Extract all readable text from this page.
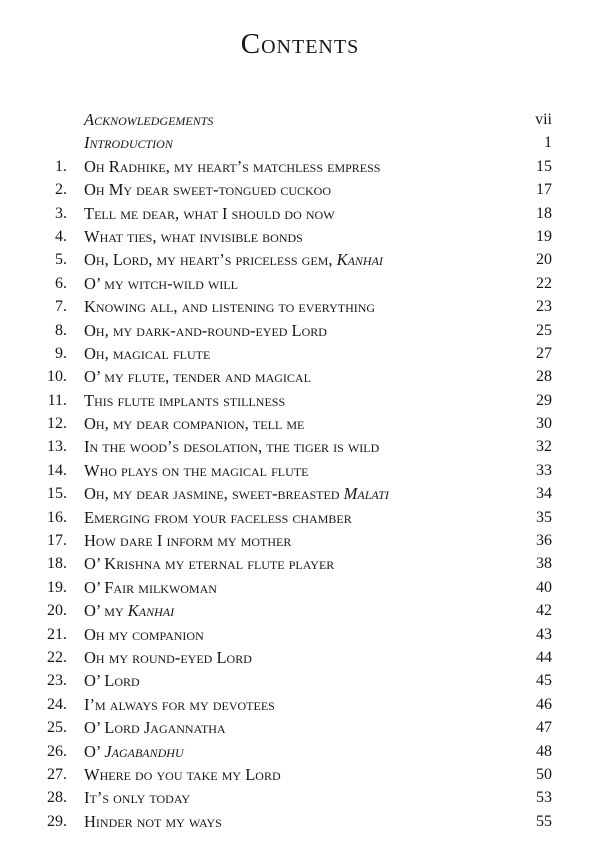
Contents
Acknowledgements	vii
Introduction	1
1. Oh Radhike, my heart’s matchless empress	15
2. Oh My dear sweet-tongued cuckoo	17
3. Tell me dear, what I should do now	18
4. What ties, what invisible bonds	19
5. Oh, Lord, my heart’s priceless gem, Kanhai	20
6. O’ my witch-wild will	22
7. Knowing all, and listening to everything	23
8. Oh, my dark-and-round-eyed Lord	25
9. Oh, magical flute	27
10. O’ my flute, tender and magical	28
11. This flute implants stillness	29
12. Oh, my dear companion, tell me	30
13. In the wood’s desolation, the tiger is wild	32
14. Who plays on the magical flute	33
15. Oh, my dear jasmine, sweet-breasted Malati	34
16. Emerging from your faceless chamber	35
17. How dare I inform my mother	36
18. O’ Krishna my eternal flute player	38
19. O’ Fair milkwoman	40
20. O’ my Kanhai	42
21. Oh my companion	43
22. Oh my round-eyed Lord	44
23. O’ Lord	45
24. I’m always for my devotees	46
25. O’ Lord Jagannatha	47
26. O’ Jagabandhu	48
27. Where do you take my Lord	50
28. It’s only today	53
29. Hinder not my ways	55
